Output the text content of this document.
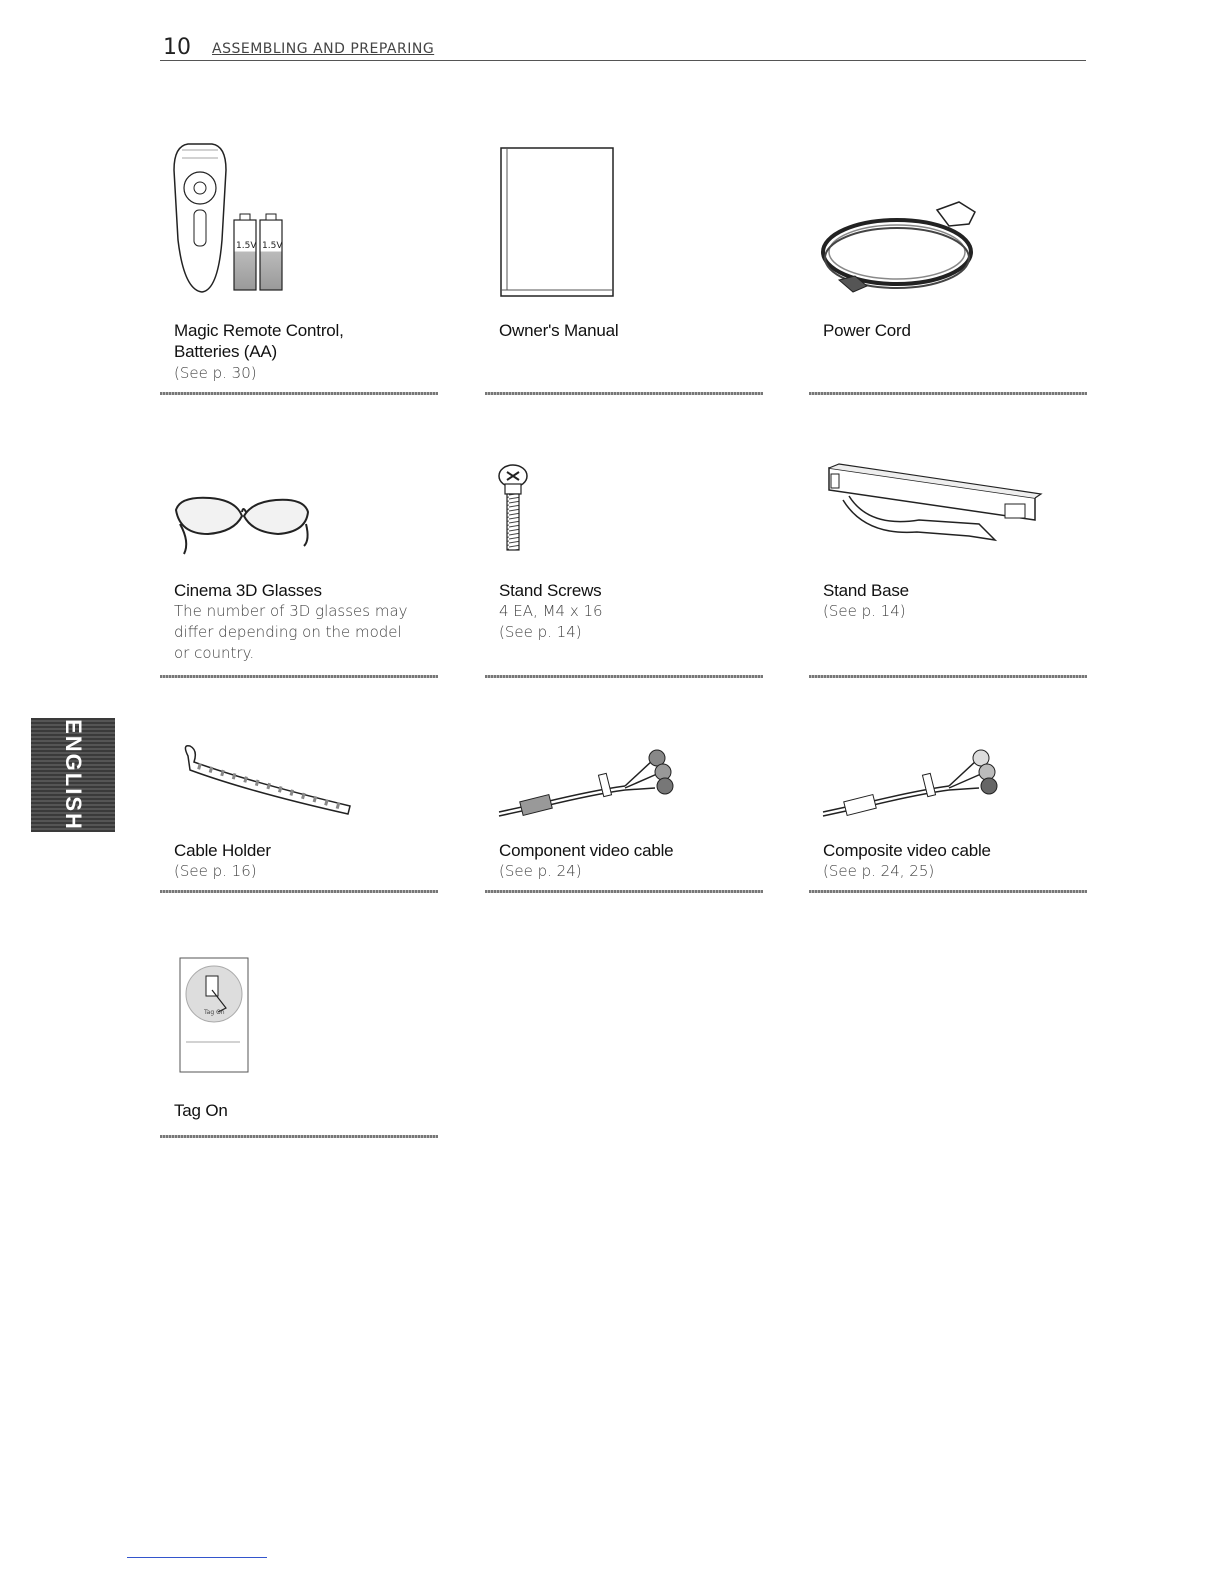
10 ASSEMBLING AND PREPARING
ENGLISH
1.5V 1.5V
Magic Remote Control,
Batteries (AA)
(See p. 30)
Owner's Manual	Power Cord
Cinema 3D Glasses
The number of 3D glasses may
differ depending on the model
or country.
Stand Screws
4 EA, M4 x 16
(See p. 14)
Stand Base
(See p. 14)
Cable Holder
(See p. 16)
Component video cable
(See p. 24)
Composite video cable
(See p. 24, 25)
Tag On
Tag On
